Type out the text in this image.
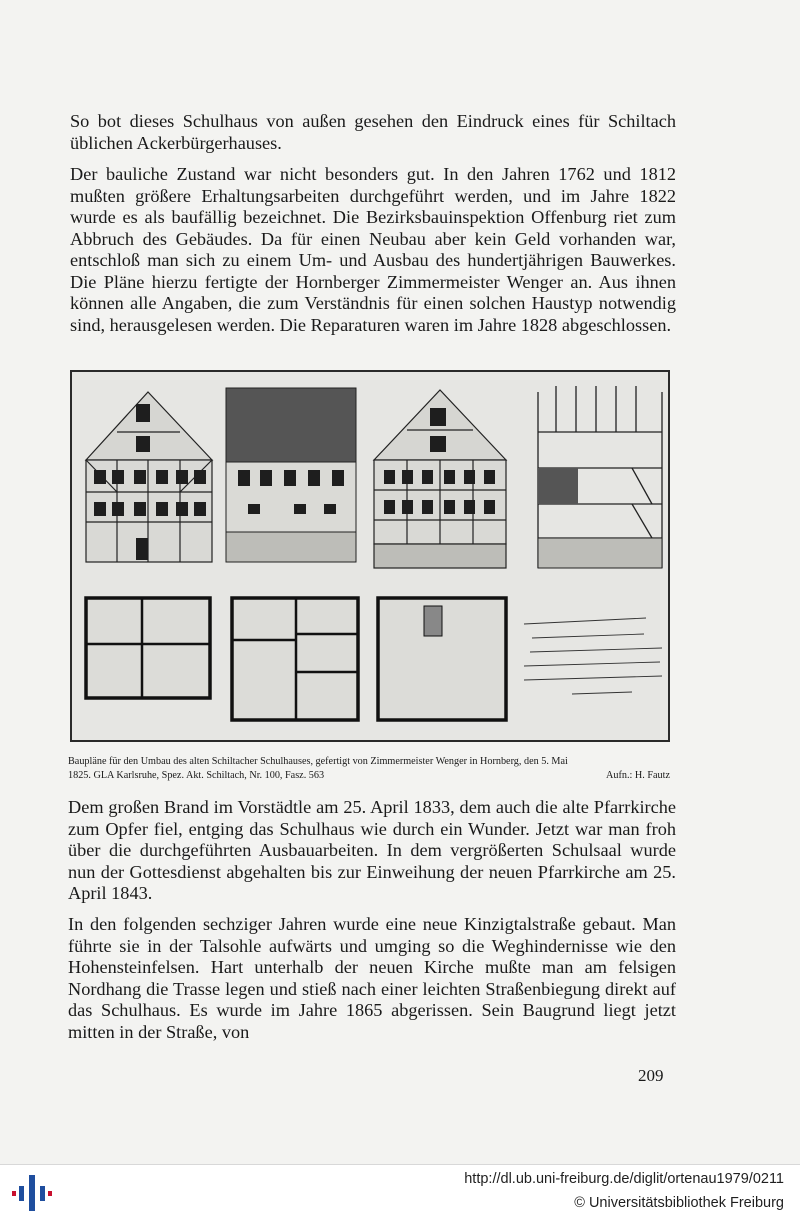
So bot dieses Schulhaus von außen gesehen den Eindruck eines für Schiltach üblichen Ackerbürgerhauses.

Der bauliche Zustand war nicht besonders gut. In den Jahren 1762 und 1812 mußten größere Erhaltungsarbeiten durchgeführt werden, und im Jahre 1822 wurde es als baufällig bezeichnet. Die Bezirksbauinspektion Offenburg riet zum Abbruch des Gebäudes. Da für einen Neubau aber kein Geld vorhanden war, entschloß man sich zu einem Um- und Ausbau des hundertjährigen Bauwerkes. Die Pläne hierzu fertigte der Hornberger Zimmermeister Wenger an. Aus ihnen können alle Angaben, die zum Verständnis für einen solchen Haustyp notwendig sind, herausgelesen werden. Die Reparaturen waren im Jahre 1828 abgeschlossen.

Baupläne für den Umbau des alten Schiltacher Schulhauses, gefertigt von Zimmermeister Wenger in Hornberg, den 5. Mai

1825. GLA Karlsruhe, Spez. Akt. Schiltach, Nr. 100, Fasz. 563	Aufn.: H. Fautz

Dem großen Brand im Vorstädtle am 25. April 1833, dem auch die alte Pfarrkirche zum Opfer fiel, entging das Schulhaus wie durch ein Wunder. Jetzt war man froh über die durchgeführten Ausbauarbeiten. In dem vergrößerten Schulsaal wurde nun der Gottesdienst abgehalten bis zur Einweihung der neuen Pfarrkirche am 25. April 1843.

In den folgenden sechziger Jahren wurde eine neue Kinzigtalstraße gebaut. Man führte sie in der Talsohle aufwärts und umging so die Weghindernisse wie den Hohensteinfelsen. Hart unterhalb der neuen Kirche mußte man am felsigen Nordhang die Trasse legen und stieß nach einer leichten Straßenbiegung direkt auf das Schulhaus. Es wurde im Jahre 1865 abgerissen. Sein Baugrund liegt jetzt mitten in der Straße, von

209
http://dl.ub.uni-freiburg.de/diglit/ortenau1979/0211
© Universitätsbibliothek Freiburg
